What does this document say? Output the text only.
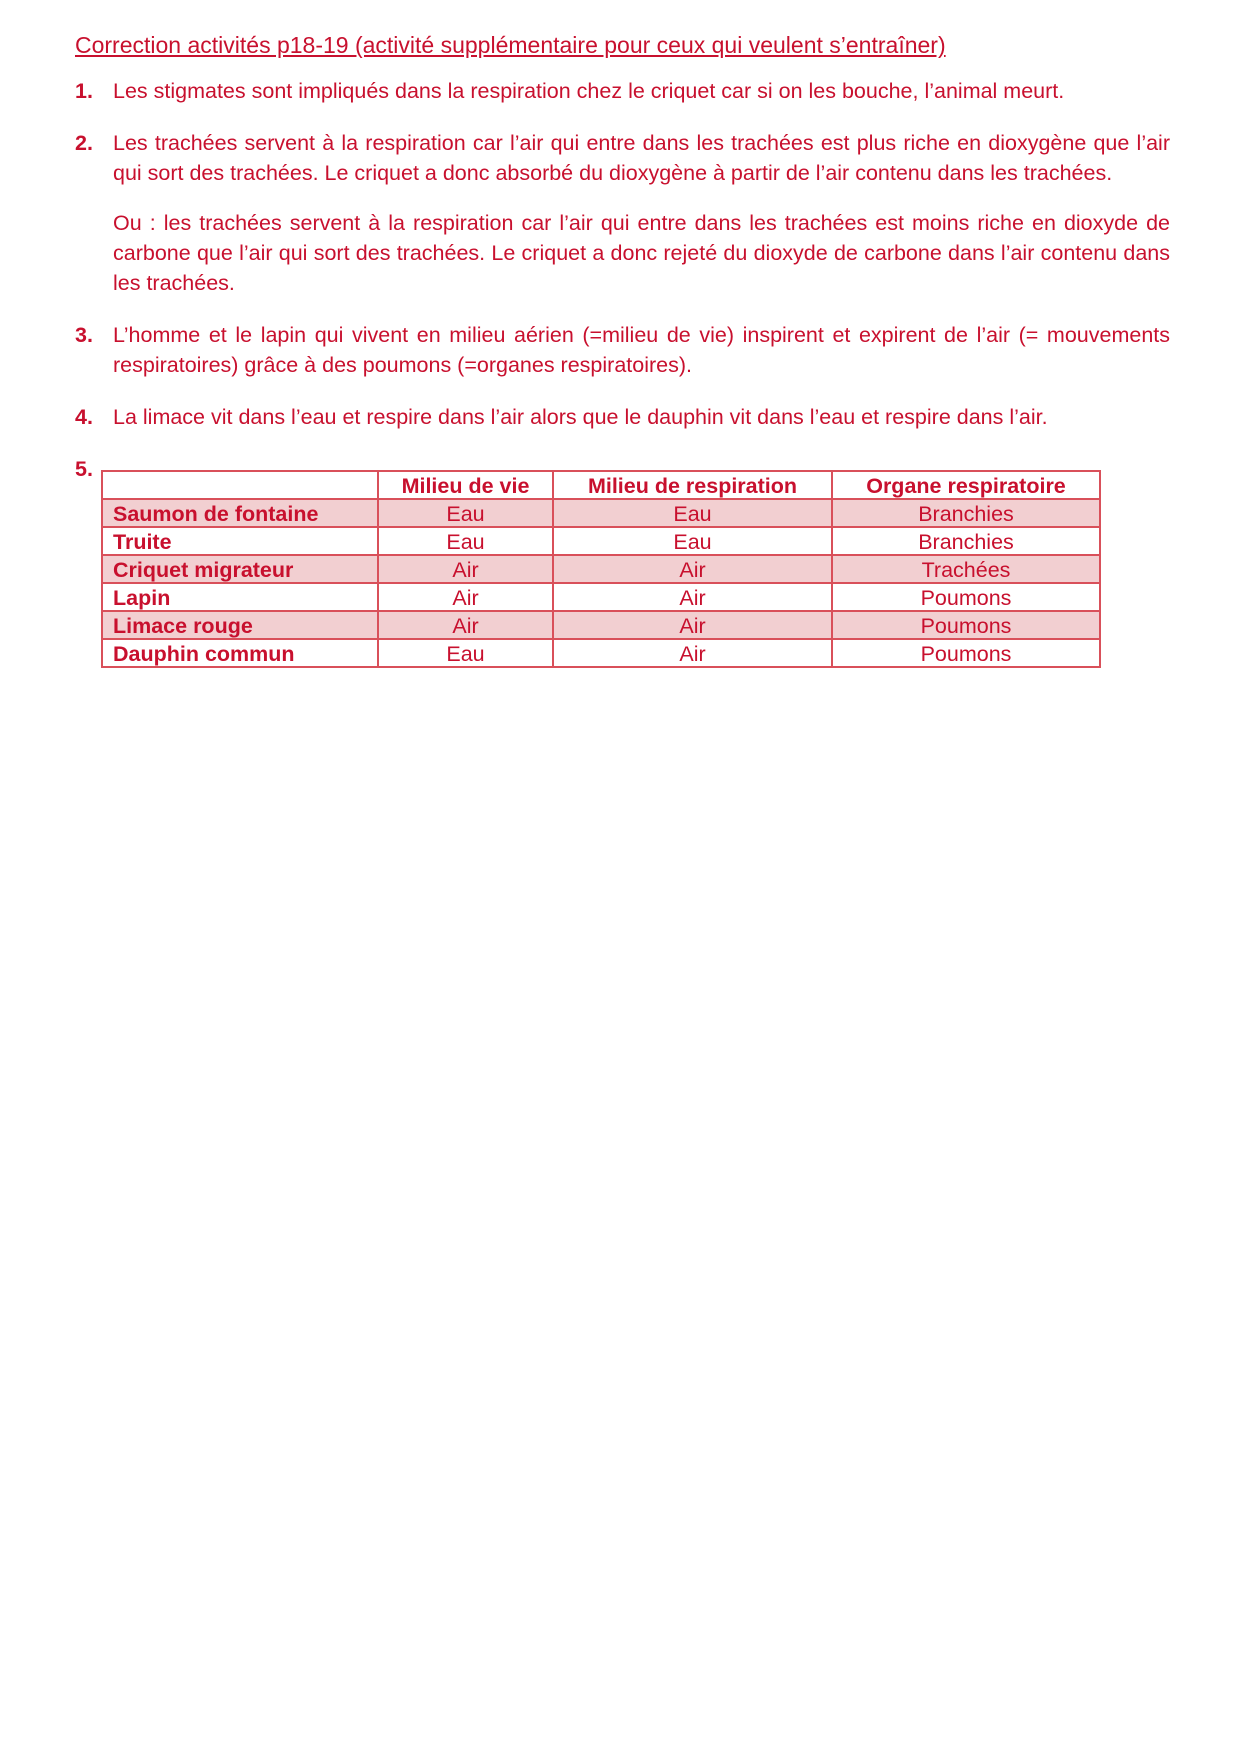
Correction activités p18-19 (activité supplémentaire pour ceux qui veulent s’entraîner)
1. Les stigmates sont impliqués dans la respiration chez le criquet car si on les bouche, l’animal meurt.

2. Les trachées servent à la respiration car l’air qui entre dans les trachées est plus riche en dioxygène que l’air qui sort des trachées. Le criquet a donc absorbé du dioxygène à partir de l’air contenu dans les trachées.

Ou : les trachées servent à la respiration car l’air qui entre dans les trachées est moins riche en dioxyde de carbone que l’air qui sort des trachées. Le criquet a donc rejeté du dioxyde de carbone dans l’air contenu dans les trachées.

3. L’homme et le lapin qui vivent en milieu aérien (=milieu de vie) inspirent et expirent de l’air (= mouvements respiratoires) grâce à des poumons (=organes respiratoires).

4. La limace vit dans l’eau et respire dans l’air alors que le dauphin vit dans l’eau et respire dans l’air.

5.
	Milieu de vie	Milieu de respiration	Organe respiratoire
Saumon de fontaine	Eau	Eau	Branchies
Truite	Eau	Eau	Branchies
Criquet migrateur	Air	Air	Trachées
Lapin	Air	Air	Poumons
Limace rouge	Air	Air	Poumons
Dauphin commun	Eau	Air	Poumons
